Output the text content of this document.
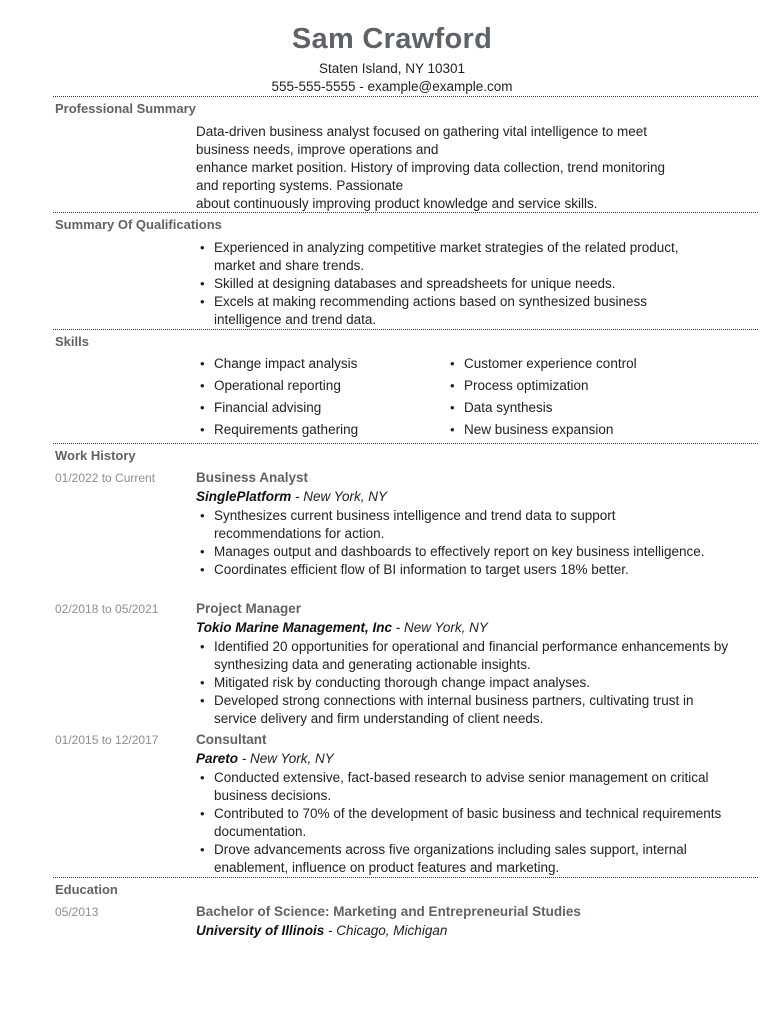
Sam Crawford
Staten Island, NY 10301
555-555-5555 - example@example.com
Professional Summary
Data-driven business analyst focused on gathering vital intelligence to meet
business needs, improve operations and
enhance market position. History of improving data collection, trend monitoring
and reporting systems. Passionate
about continuously improving product knowledge and service skills.
Summary Of Qualifications
• Experienced in analyzing competitive market strategies of the related product, market and share trends.
• Skilled at designing databases and spreadsheets for unique needs.
• Excels at making recommending actions based on synthesized business intelligence and trend data.
Skills
• Change impact analysis	• Customer experience control
• Operational reporting	• Process optimization
• Financial advising	• Data synthesis
• Requirements gathering	• New business expansion
Work History
01/2022 to Current	Business Analyst
SinglePlatform - New York, NY
• Synthesizes current business intelligence and trend data to support recommendations for action.
• Manages output and dashboards to effectively report on key business intelligence.
• Coordinates efficient flow of BI information to target users 18% better.
02/2018 to 05/2021	Project Manager
Tokio Marine Management, Inc - New York, NY
• Identified 20 opportunities for operational and financial performance enhancements by synthesizing data and generating actionable insights.
• Mitigated risk by conducting thorough change impact analyses.
• Developed strong connections with internal business partners, cultivating trust in service delivery and firm understanding of client needs.
01/2015 to 12/2017	Consultant
Pareto - New York, NY
• Conducted extensive, fact-based research to advise senior management on critical business decisions.
• Contributed to 70% of the development of basic business and technical requirements documentation.
• Drove advancements across five organizations including sales support, internal enablement, influence on product features and marketing.
Education
05/2013	Bachelor of Science: Marketing and Entrepreneurial Studies
University of Illinois - Chicago, Michigan
